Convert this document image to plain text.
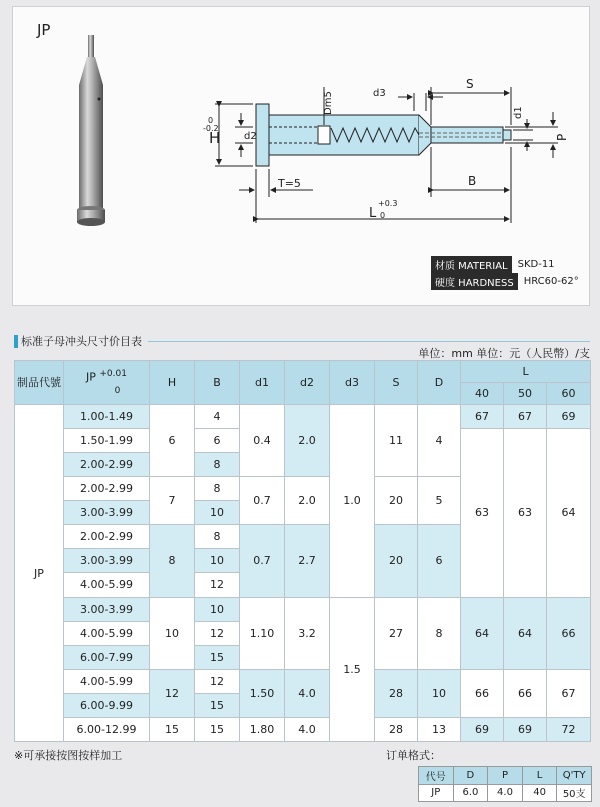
JP
H
0
-0.2
d2
Dm5	d3
S
d1
P
T=5	B
L
+0.3
0
材质 MATERIAL	SKD-11
硬度 HARDNESS	HRC60-62°
标准子母冲头尺寸价目表
单位：mm 单位：元（人民幣）/支
制品代號	JP $^{+0.01}$
0	H	B	d1	d2	d3	S	D	L		
									40	50	60
JP	1.00-1.49	6	4	0.4	2.0	1.0	11	4	67	67	69
	1.50-1.99		6						63	63	64
	2.00-2.99		8								
	2.00-2.99	7	8	0.7	2.0		20	5			
	3.00-3.99		10								
	2.00-2.99	8	8	0.7	2.7		20	6			
	3.00-3.99		10								
	4.00-5.99		12								
	3.00-3.99	10	10	1.10	3.2	1.5	27	8	64	64	66
	4.00-5.99		12								
	6.00-7.99		15								
	4.00-5.99	12	12	1.50	4.0		28	10	66	66	67
	6.00-9.99		15								
	6.00-12.99	15	15	1.80	4.0		28	13	69	69	72
※可承接按图按样加工	订单格式：
代号	D	P	L	Q'TY
JP	6.0	4.0	40	50支
